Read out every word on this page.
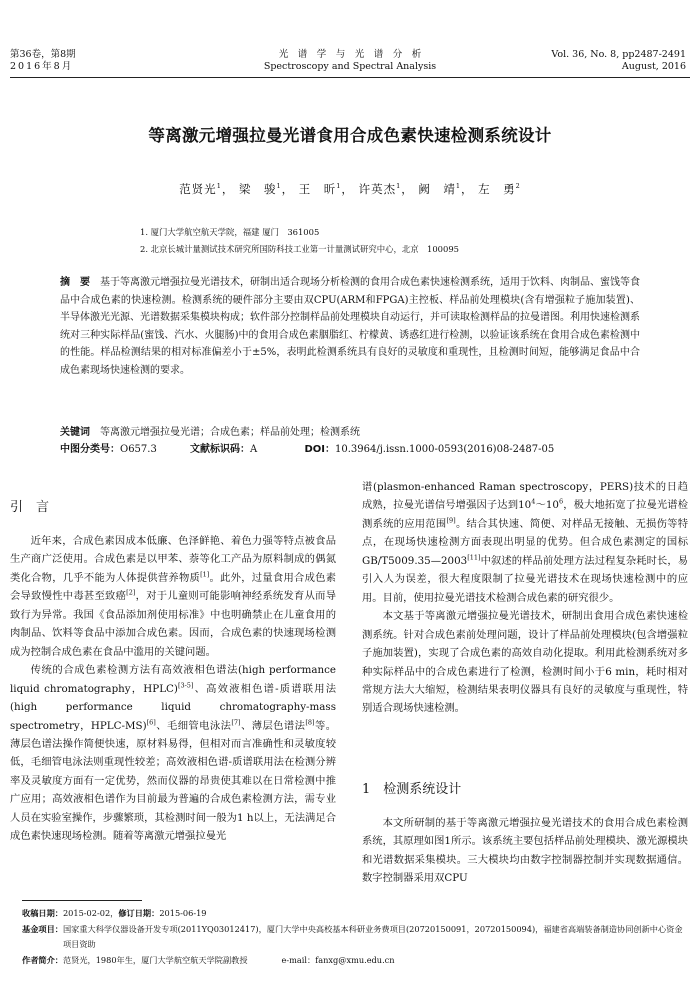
第36卷，第8期
2016年8月
光　谱　学　与　光　谱　分　析
Spectroscopy and Spectral Analysis
Vol. 36, No. 8, pp2487-2491
August, 2016
等离激元增强拉曼光谱食用合成色素快速检测系统设计
范贤光$^1$， 梁　骏$^1$， 王　昕$^1$， 许英杰$^1$， 阙　靖$^1$， 左　勇$^2$
1. 厦门大学航空航天学院，福建 厦门　361005
2. 北京长城计量测试技术研究所国防科技工业第一计量测试研究中心，北京　100095
摘　要 基于等离激元增强拉曼光谱技术，研制出适合现场分析检测的食用合成色素快速检测系统，适用于饮料、肉制品、蜜饯等食品中合成色素的快速检测。检测系统的硬件部分主要由双CPU(ARM和FPGA)主控板、样品前处理模块(含有增强粒子施加装置)、半导体激光光源、光谱数据采集模块构成；软件部分控制样品前处理模块自动运行，并可读取检测样品的拉曼谱图。利用快速检测系统对三种实际样品(蜜饯、汽水、火腿肠)中的食用合成色素胭脂红、柠檬黄、诱惑红进行检测，以验证该系统在食用合成色素检测中的性能。样品检测结果的相对标准偏差小于±5%，表明此检测系统具有良好的灵敏度和重现性，且检测时间短，能够满足食品中合成色素现场快速检测的要求。
关键词 等离激元增强拉曼光谱；合成色素；样品前处理；检测系统
中图分类号：O657.3	文献标识码：A	DOI：10.3964/j.issn.1000-0593(2016)08-2487-05
引　言

近年来，合成色素因成本低廉、色泽鲜艳、着色力强等特点被食品生产商广泛使用。合成色素是以甲苯、萘等化工产品为原料制成的偶氮类化合物，几乎不能为人体提供营养物质[1]。此外，过量食用合成色素会导致慢性中毒甚至致癌[2]，对于儿童则可能影响神经系统发育从而导致行为异常。我国《食品添加剂使用标准》中也明确禁止在儿童食用的肉制品、饮料等食品中添加合成色素。因而，合成色素的快速现场检测成为控制合成色素在食品中滥用的关键问题。

传统的合成色素检测方法有高效液相色谱法(high performance liquid chromatography，HPLC)[3-5]、高效液相色谱-质谱联用法(high performance liquid chromatography-mass spectrometry，HPLC-MS)[6]、毛细管电泳法[7]、薄层色谱法[8]等。薄层色谱法操作简便快速，原材料易得，但相对而言准确性和灵敏度较低，毛细管电泳法则重现性较差；高效液相色谱-质谱联用法在检测分辨率及灵敏度方面有一定优势，然而仪器的昂贵使其难以在日常检测中推广应用；高效液相色谱作为目前最为普遍的合成色素检测方法，需专业人员在实验室操作，步骤繁琐，其检测时间一般为1 h以上，无法满足合成色素快速现场检测。随着等离激元增强拉曼光

谱(plasmon-enhanced Raman spectroscopy，PERS)技术的日趋成熟，拉曼光谱信号增强因子达到$10^4\sim 10^6$，极大地拓宽了拉曼光谱检测系统的应用范围[9]。结合其快速、简便、对样品无接触、无损伤等特点，在现场快速检测方面表现出明显的优势。但合成色素测定的国标GB/T5009.35—2003[11]中叙述的样品前处理方法过程复杂耗时长，易引入人为误差，很大程度限制了拉曼光谱技术在现场快速检测中的应用。目前，使用拉曼光谱技术检测合成色素的研究很少。

本文基于等离激元增强拉曼光谱技术，研制出食用合成色素快速检测系统。针对合成色素前处理问题，设计了样品前处理模块(包含增强粒子施加装置)，实现了合成色素的高效自动化提取。利用此检测系统对多种实际样品中的合成色素进行了检测，检测时间小于6 min，耗时相对常规方法大大缩短，检测结果表明仪器具有良好的灵敏度与重现性，特别适合现场快速检测。

1　检测系统设计

本文所研制的基于等离激元增强拉曼光谱技术的食用合成色素检测系统，其原理如图1所示。该系统主要包括样品前处理模块、激光源模块和光谱数据采集模块。三大模块均由数字控制器控制并实现数据通信。数字控制器采用双CPU

收稿日期：2015-02-02，修订日期：2015-06-19
基金项目： 国家重大科学仪器设备开发专项(2011YQ03012417)，厦门大学中央高校基本科研业务费项目(20720150091，20720150094)，福建省高端装备制造协同创新中心资金项目资助
作者简介：范贤光，1980年生，厦门大学航空航天学院副教授	e-mail：fanxg@xmu.edu.cn
